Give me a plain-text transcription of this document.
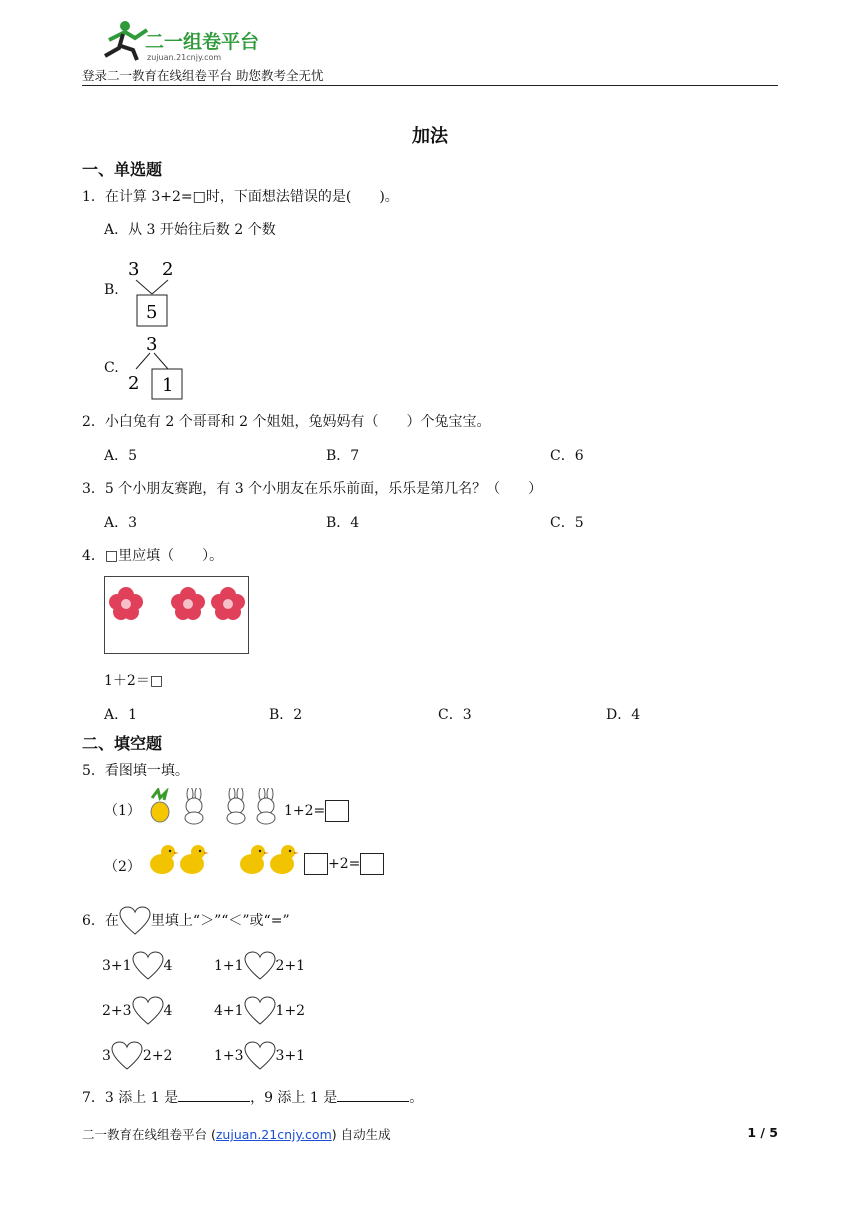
二一组卷平台
zujuan.21cnjy.com
登录二一教育在线组卷平台 助您教考全无忧
加法
一、单选题
1．在计算 3+2=□时，下面想法错误的是(　　)。
A．从 3 开始往后数 2 个数
B.
3 2
5
C.
3
2 1
2．小白兔有 2 个哥哥和 2 个姐姐，兔妈妈有（　　）个兔宝宝。
A．5	B．7	C．6
3．5 个小朋友赛跑，有 3 个小朋友在乐乐前面，乐乐是第几名？（　　）
A．3	B．4	C．5
4．□里应填（　　）。
1＋2＝□
A．1	B．2	C．3	D．4
二、填空题
5．看图填一填。
（1）	1+2=
（2）	+2=
6．在 里填上“＞”“＜”或“=”
3+1 4	1+1 2+1
2+3 4	4+1 1+2
3 2+2	1+3 3+1
7．3 添上 1 是	，9 添上 1 是	。
二一教育在线组卷平台 (zujuan.21cnjy.com) 自动生成	1 / 5
